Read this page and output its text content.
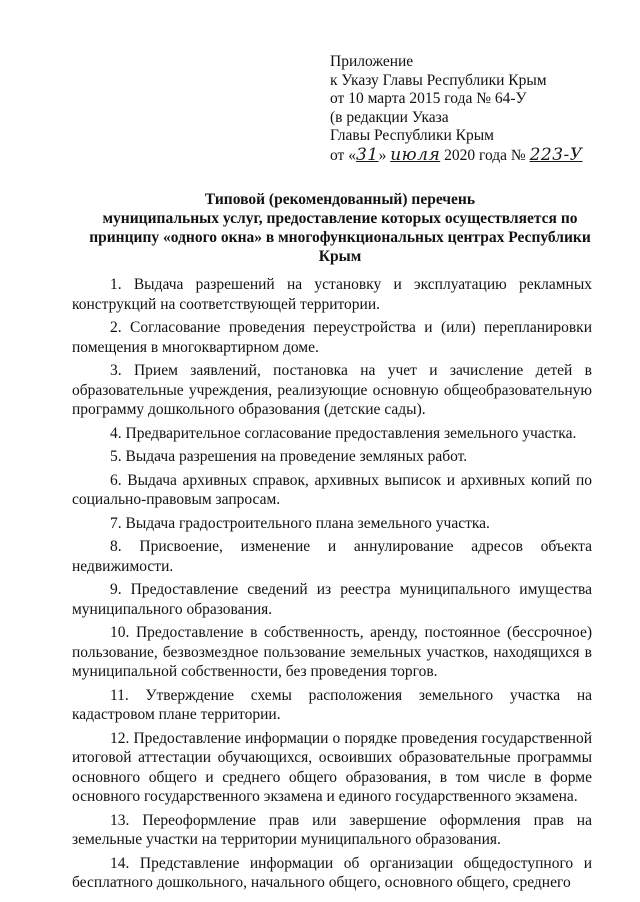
Приложение
к Указу Главы Республики Крым
от 10 марта 2015 года № 64-У
(в редакции Указа
Главы Республики Крым
от «31» июля 2020 года № 223-У
Типовой (рекомендованный) перечень
муниципальных услуг, предоставление которых осуществляется по
принципу «одного окна» в многофункциональных центрах Республики
Крым

1. Выдача разрешений на установку и эксплуатацию рекламных конструкций на соответствующей территории.

2. Согласование проведения переустройства и (или) перепланировки помещения в многоквартирном доме.

3. Прием заявлений, постановка на учет и зачисление детей в образовательные учреждения, реализующие основную общеобразовательную программу дошкольного образования (детские сады).

4. Предварительное согласование предоставления земельного участка.

5. Выдача разрешения на проведение земляных работ.

6. Выдача архивных справок, архивных выписок и архивных копий по социально-правовым запросам.

7. Выдача градостроительного плана земельного участка.

8. Присвоение, изменение и аннулирование адресов объекта недвижимости.

9. Предоставление сведений из реестра муниципального имущества муниципального образования.

10. Предоставление в собственность, аренду, постоянное (бессрочное) пользование, безвозмездное пользование земельных участков, находящихся в муниципальной собственности, без проведения торгов.

11. Утверждение схемы расположения земельного участка на кадастровом плане территории.

12. Предоставление информации о порядке проведения государственной итоговой аттестации обучающихся, освоивших образовательные программы основного общего и среднего общего образования, в том числе в форме основного государственного экзамена и единого государственного экзамена.

13. Переоформление прав или завершение оформления прав на земельные участки на территории муниципального образования.

14. Представление информации об организации общедоступного и бесплатного дошкольного, начального общего, основного общего, среднего
